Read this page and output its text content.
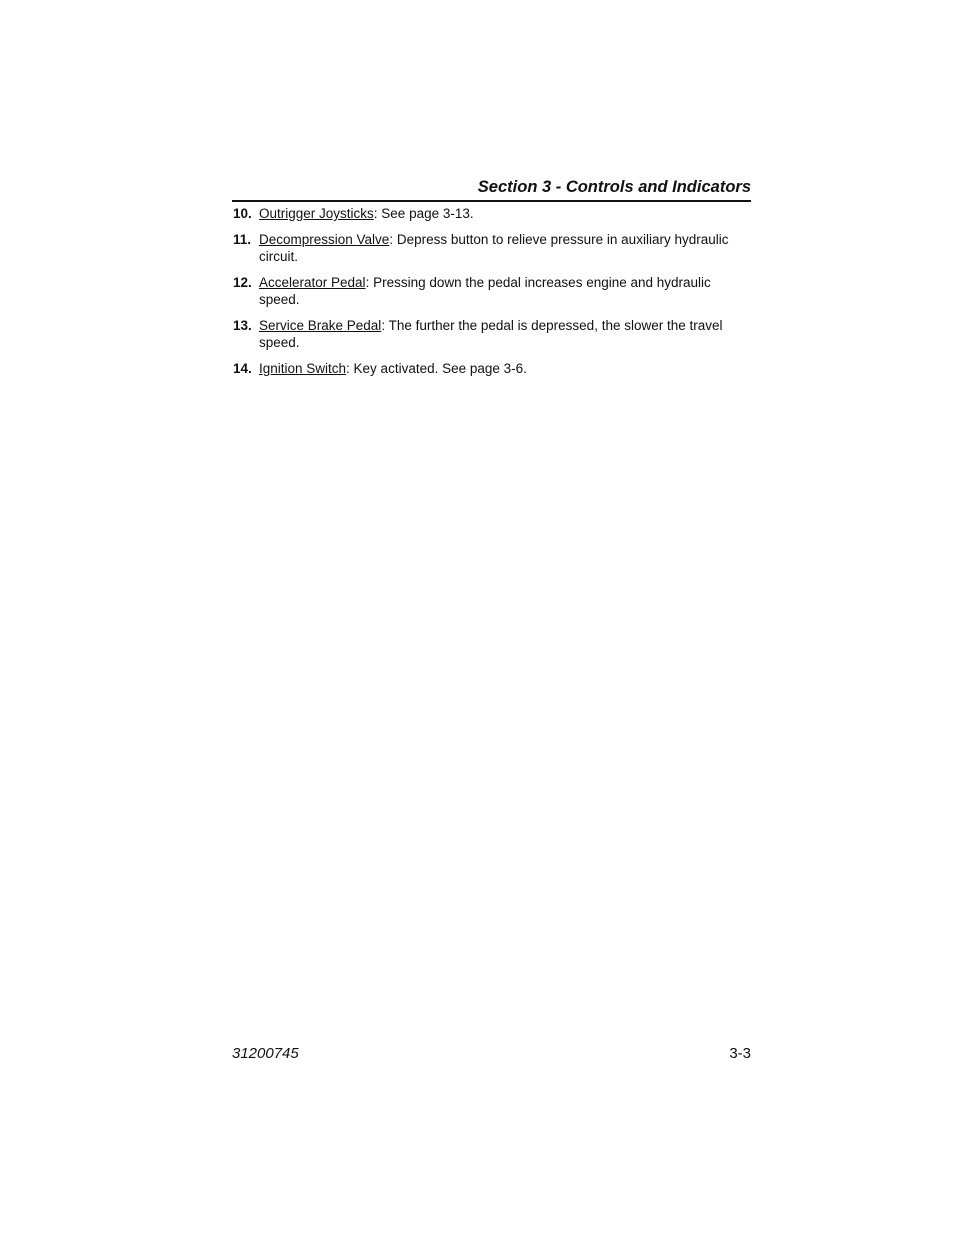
Section 3 - Controls and Indicators
10. Outrigger Joysticks: See page 3-13.
11. Decompression Valve: Depress button to relieve pressure in auxiliary hydraulic circuit.
12. Accelerator Pedal: Pressing down the pedal increases engine and hydraulic speed.
13. Service Brake Pedal: The further the pedal is depressed, the slower the travel speed.
14. Ignition Switch: Key activated. See page 3-6.
31200745	3-3
